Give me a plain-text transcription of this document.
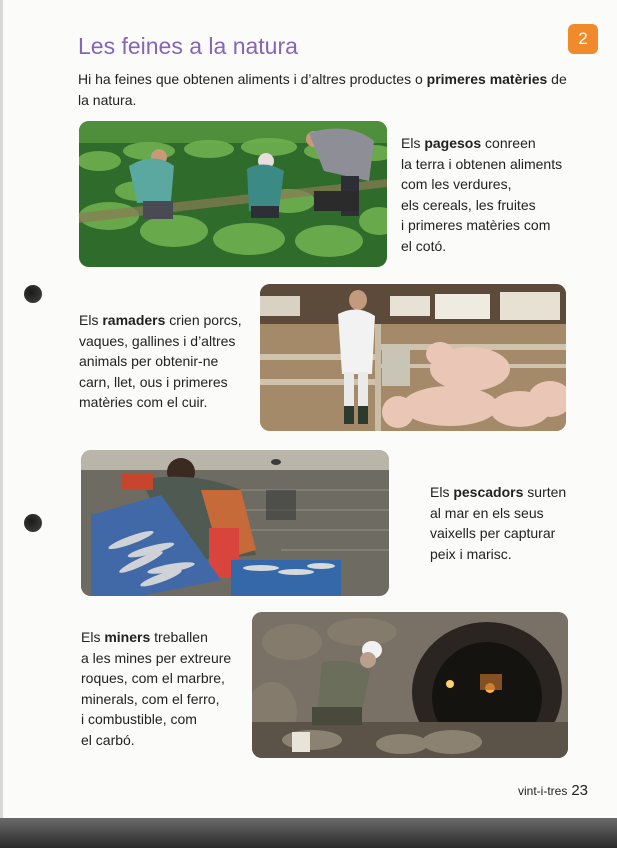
2
Les feines a la natura

Hi ha feines que obtenen aliments i d’altres productes o primeres matèries de la natura.

Els pagesos conreen
la terra i obtenen aliments
com les verdures,
els cereals, les fruites
i primeres matèries com
el cotó.
Els ramaders crien porcs,
vaques, gallines i d’altres
animals per obtenir-ne
carn, llet, ous i primeres
matèries com el cuir.
Els pescadors surten
al mar en els seus
vaixells per capturar
peix i marisc.
Els miners treballen
a les mines per extreure
roques, com el marbre,
minerals, com el ferro,
i combustible, com
el carbó.
vint-i-tres 23
